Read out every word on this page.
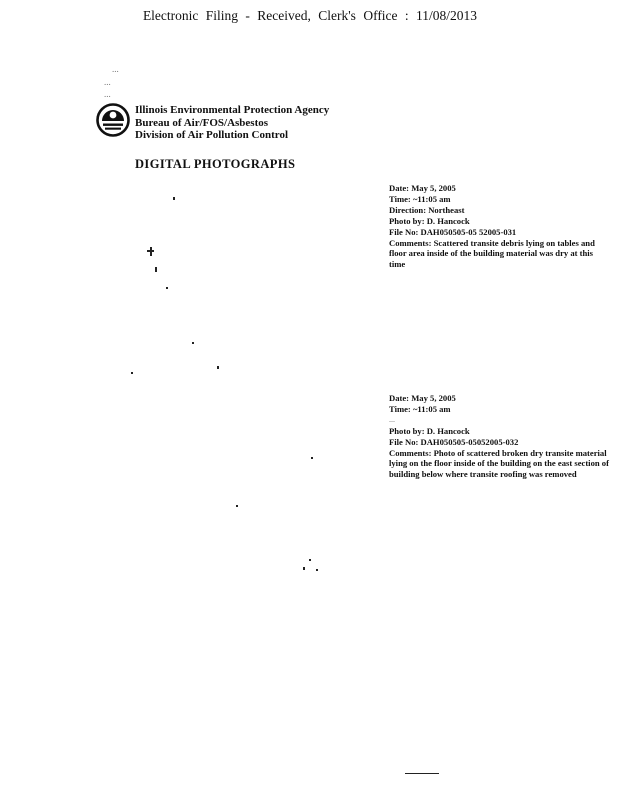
Electronic Filing - Received, Clerk's Office : 11/08/2013
...
...
...
Illinois Environmental Protection Agency
Bureau of Air/FOS/Asbestos
Division of Air Pollution Control
DIGITAL PHOTOGRAPHS
Date: May 5, 2005
Time: ~11:05 am
Direction: Northeast
Photo by: D. Hancock
File No: DAH050505-05 52005-031
Comments: Scattered transite debris lying on tables and floor area inside of the building material was dry at this time
Date: May 5, 2005
Time: ~11:05 am
...
Photo by: D. Hancock
File No: DAH050505-05052005-032
Comments: Photo of scattered broken dry transite material lying on the floor inside of the building on the east section of building below where transite roofing was removed
